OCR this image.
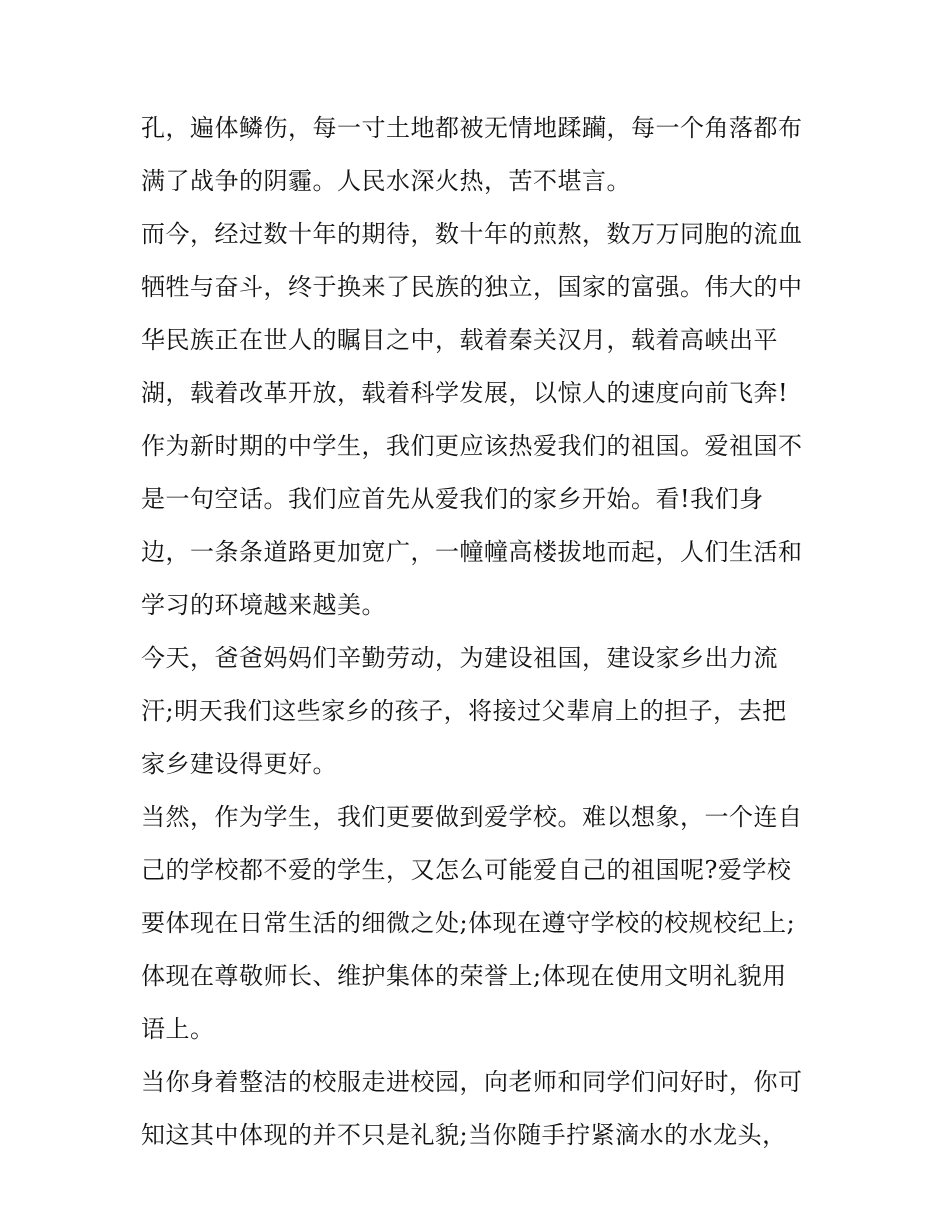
孔，遍体鳞伤，每一寸土地都被无情地蹂躏，每一个角落都布
满了战争的阴霾。人民水深火热，苦不堪言。
而今，经过数十年的期待，数十年的煎熬，数万万同胞的流血
牺牲与奋斗，终于换来了民族的独立，国家的富强。伟大的中
华民族正在世人的瞩目之中，载着秦关汉月，载着高峡出平
湖，载着改革开放，载着科学发展，以惊人的速度向前飞奔!
作为新时期的中学生，我们更应该热爱我们的祖国。爱祖国不
是一句空话。我们应首先从爱我们的家乡开始。看!我们身
边，一条条道路更加宽广，一幢幢高楼拔地而起，人们生活和
学习的环境越来越美。
今天，爸爸妈妈们辛勤劳动，为建设祖国，建设家乡出力流
汗;明天我们这些家乡的孩子，将接过父辈肩上的担子，去把
家乡建设得更好。
当然，作为学生，我们更要做到爱学校。难以想象，一个连自
己的学校都不爱的学生，又怎么可能爱自己的祖国呢?爱学校
要体现在日常生活的细微之处;体现在遵守学校的校规校纪上;
体现在尊敬师长、维护集体的荣誉上;体现在使用文明礼貌用
语上。
当你身着整洁的校服走进校园，向老师和同学们问好时，你可
知这其中体现的并不只是礼貌;当你随手拧紧滴水的水龙头，
